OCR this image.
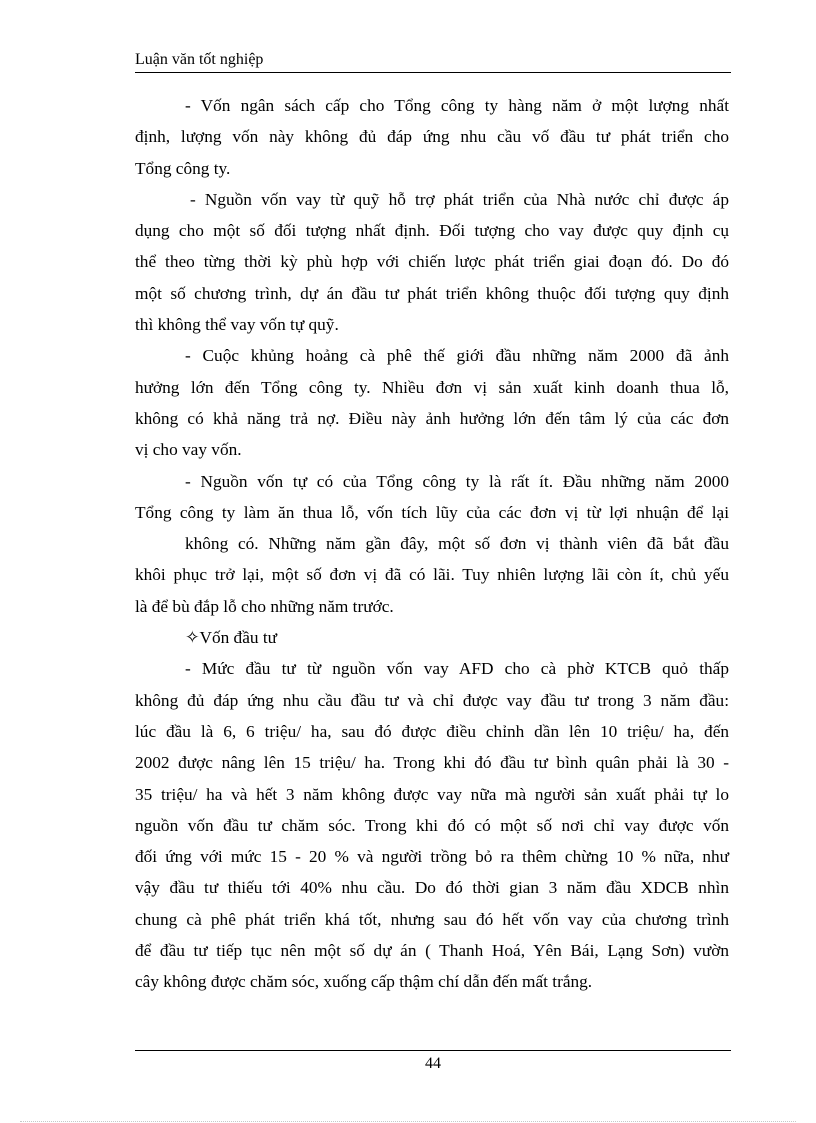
Luận văn tốt nghiệp
- Vốn ngân sách cấp cho Tổng công ty hàng năm ở một lượng nhất
định, lượng vốn này không đủ đáp ứng nhu cầu vố đầu tư phát triển cho
Tổng công ty.
- Nguồn vốn vay từ quỹ hỗ trợ phát triển của Nhà nước chỉ được áp
dụng cho một số đối tượng nhất định. Đối tượng cho vay được quy định cụ
thể theo từng thời kỳ phù hợp với chiến lược phát triển giai đoạn đó. Do đó
một số chương trình, dự án đầu tư phát triển không thuộc đối tượng quy định
thì không thể vay vốn tự quỹ.
- Cuộc khủng hoảng cà phê thế giới đầu những năm 2000 đã ảnh
hưởng lớn đến Tổng công ty. Nhiều đơn vị sản xuất kinh doanh thua lỗ,
không có khả năng trả nợ. Điều này ảnh hưởng lớn đến tâm lý của các đơn
vị cho vay vốn.
- Nguồn vốn tự có của Tổng công ty là rất ít. Đầu những năm 2000
Tổng công ty làm ăn thua lỗ, vốn tích lũy của các đơn vị từ lợi nhuận để lại
không có. Những năm gần đây, một số đơn vị thành viên đã bắt đầu
khôi phục trở lại, một số đơn vị đã có lãi. Tuy nhiên lượng lãi còn ít, chủ yếu
là để bù đắp lỗ cho những năm trước.
✧Vốn đầu tư
- Mức đầu tư từ nguồn vốn vay AFD cho cà phờ KTCB quỏ thấp
không đủ đáp ứng nhu cầu đầu tư và chỉ được vay đầu tư trong 3 năm đầu:
lúc đầu là 6, 6 triệu/ ha, sau đó được điều chỉnh dần lên 10 triệu/ ha, đến
2002 được nâng lên 15 triệu/ ha. Trong khi đó đầu tư bình quân phải là 30 -
35 triệu/ ha và hết 3 năm không được vay nữa mà người sản xuất phải tự lo
nguồn vốn đầu tư chăm sóc. Trong khi đó có một số nơi chỉ vay được vốn
đối ứng với mức 15 - 20 % và người trồng bỏ ra thêm chừng 10 % nữa, như
vậy đầu tư thiếu tới 40% nhu cầu. Do đó thời gian 3 năm đầu XDCB nhìn
chung cà phê phát triển khá tốt, nhưng sau đó hết vốn vay của chương trình
để đầu tư tiếp tục nên một số dự án ( Thanh Hoá, Yên Bái, Lạng Sơn) vườn
cây không được chăm sóc, xuống cấp thậm chí dẫn đến mất trắng.
44
